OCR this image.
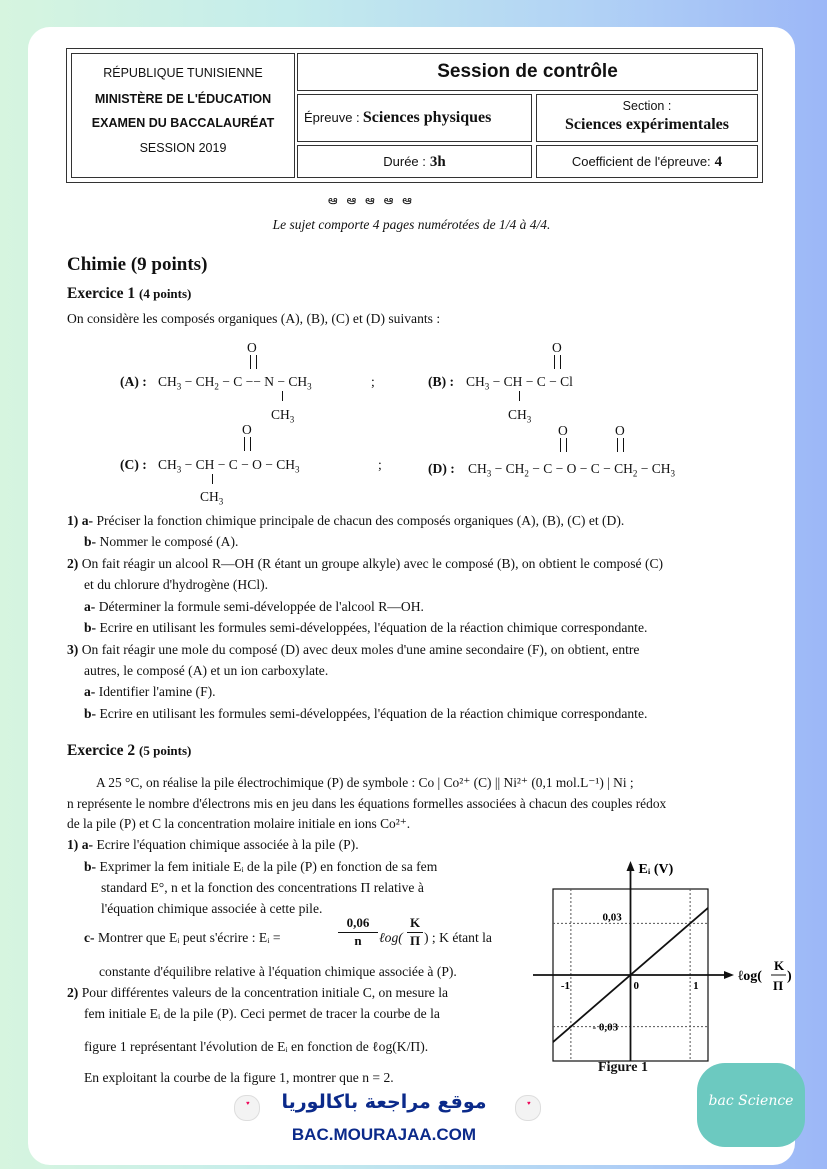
RÉPUBLIQUE TUNISIENNE
MINISTÈRE DE L'ÉDUCATION
EXAMEN DU BACCALAURÉAT
SESSION 2019
Session de contrôle
Épreuve : Sciences physiques
Section :
Sciences expérimentales
Durée : 3h	Coefficient de l'épreuve: 4
ఆ ఆ ఆ ఆ ఆ
Le sujet comporte 4 pages numérotées de 1/4 à 4/4.
Chimie (9 points)
Exercice 1 (4 points)
On considère les composés organiques (A), (B), (C) et (D) suivants :
(A) : $CH_3 - CH_2 - C -- N - CH_3$
O
$CH_3$
;	(B) : $CH_3$ − CH − C − Cl
O
$CH_3$
(C) : $CH_3$ − CH − $C - O - CH_3$
O
$CH_3$
;	(D) : $CH_3 - CH_2 - C - O - C - CH_2 - CH_3$
O	O
1) a- Préciser la fonction chimique principale de chacun des composés organiques (A), (B), (C) et (D).
b- Nommer le composé (A).
2) On fait réagir un alcool R—OH (R étant un groupe alkyle) avec le composé (B), on obtient le composé (C)
et du chlorure d'hydrogène (HCl).
a- Déterminer la formule semi-développée de l'alcool R—OH.
b- Ecrire en utilisant les formules semi-développées, l'équation de la réaction chimique correspondante.
3) On fait réagir une mole du composé (D) avec deux moles d'une amine secondaire (F), on obtient, entre
autres, le composé (A) et un ion carboxylate.
a- Identifier l'amine (F).
b- Ecrire en utilisant les formules semi-développées, l'équation de la réaction chimique correspondante.
Exercice 2 (5 points)
A 25 °C, on réalise la pile électrochimique (P) de symbole : Co | Co²⁺ (C) || Ni²⁺ (0,1 mol.L⁻¹) | Ni ;
n représente le nombre d'électrons mis en jeu dans les équations formelles associées à chacun des couples rédox
de la pile (P) et C la concentration molaire initiale en ions Co²⁺.
1) a- Ecrire l'équation chimique associée à la pile (P).
b- Exprimer la fem initiale Eᵢ de la pile (P) en fonction de sa fem
standard E°, n et la fonction des concentrations Π relative à
l'équation chimique associée à cette pile.
c- Montrer que Eᵢ peut s'écrire : Eᵢ =	$\frac{0,06}{n}$ ℓog(
K
Π ) ; K étant la
constante d'équilibre relative à l'équation chimique associée à (P).
2) Pour différentes valeurs de la concentration initiale C, on mesure la
fem initiale Eᵢ de la pile (P). Ceci permet de tracer la courbe de la
figure 1 représentant l'évolution de Eᵢ en fonction de ℓog(K/Π).
En exploitant la courbe de la figure 1, montrer que n = 2.
-1	0	1
0,03
- 0,03
Eᵢ (V)
ℓog(
K
Π
)
Figure 1
♥	♥
موقع مراجعة باكالوريا
BAC.MOURAJAA.COM
bac Science
